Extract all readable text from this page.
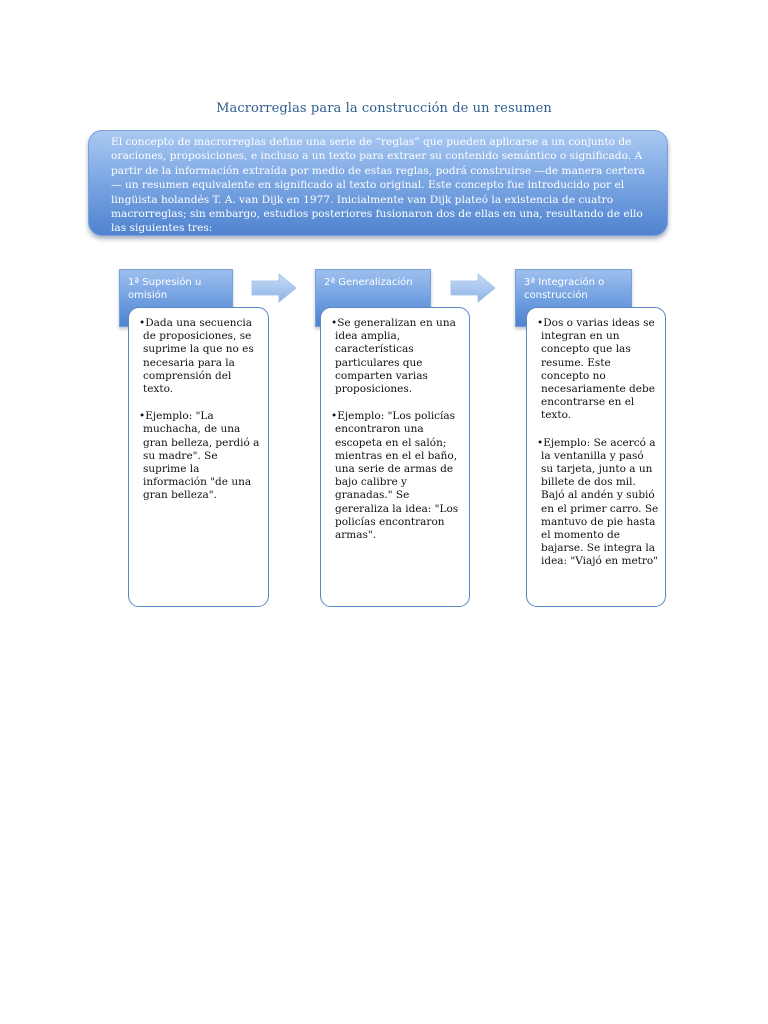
Macrorreglas para la construcción de un resumen
El concepto de macrorreglas define una serie de “reglas” que pueden aplicarse a un conjunto de oraciones, proposiciones, e incluso a un texto para extraer su contenido semántico o significado. A partir de la información extraída por medio de estas reglas, podrá construirse —de manera certera— un resumen equivalente en significado al texto original. Este concepto fue introducido por el lingüista holandés T. A. van Dijk en 1977. Inicialmente van Dijk plateó la existencia de cuatro macrorreglas; sin embargo, estudios posteriores fusionaron dos de ellas en una, resultando de ello las siguientes tres:
1ª Supresión u omisión
•Dada una secuencia de proposiciones, se suprime la que no es necesaria para la comprensión del texto.
•Ejemplo: "La muchacha, de una gran belleza, perdió a su madre". Se suprime la información "de una gran belleza".
2ª Generalización
•Se generalizan en una idea amplia, características particulares que comparten varias proposiciones.
•Ejemplo: "Los policías encontraron una escopeta en el salón; mientras en el el baño, una serie de armas de bajo calibre y granadas." Se gereraliza la idea: "Los policías encontraron armas".
3ª Integración o construcción
•Dos o varias ideas se integran en un concepto que las resume. Este concepto no necesariamente debe encontrarse en el texto.
•Ejemplo: Se acercó a la ventanilla y pasó su tarjeta, junto a un billete de dos mil. Bajó al andén y subió en el primer carro. Se mantuvo de pie hasta el momento de bajarse. Se integra la idea: "Viajó en metro"
